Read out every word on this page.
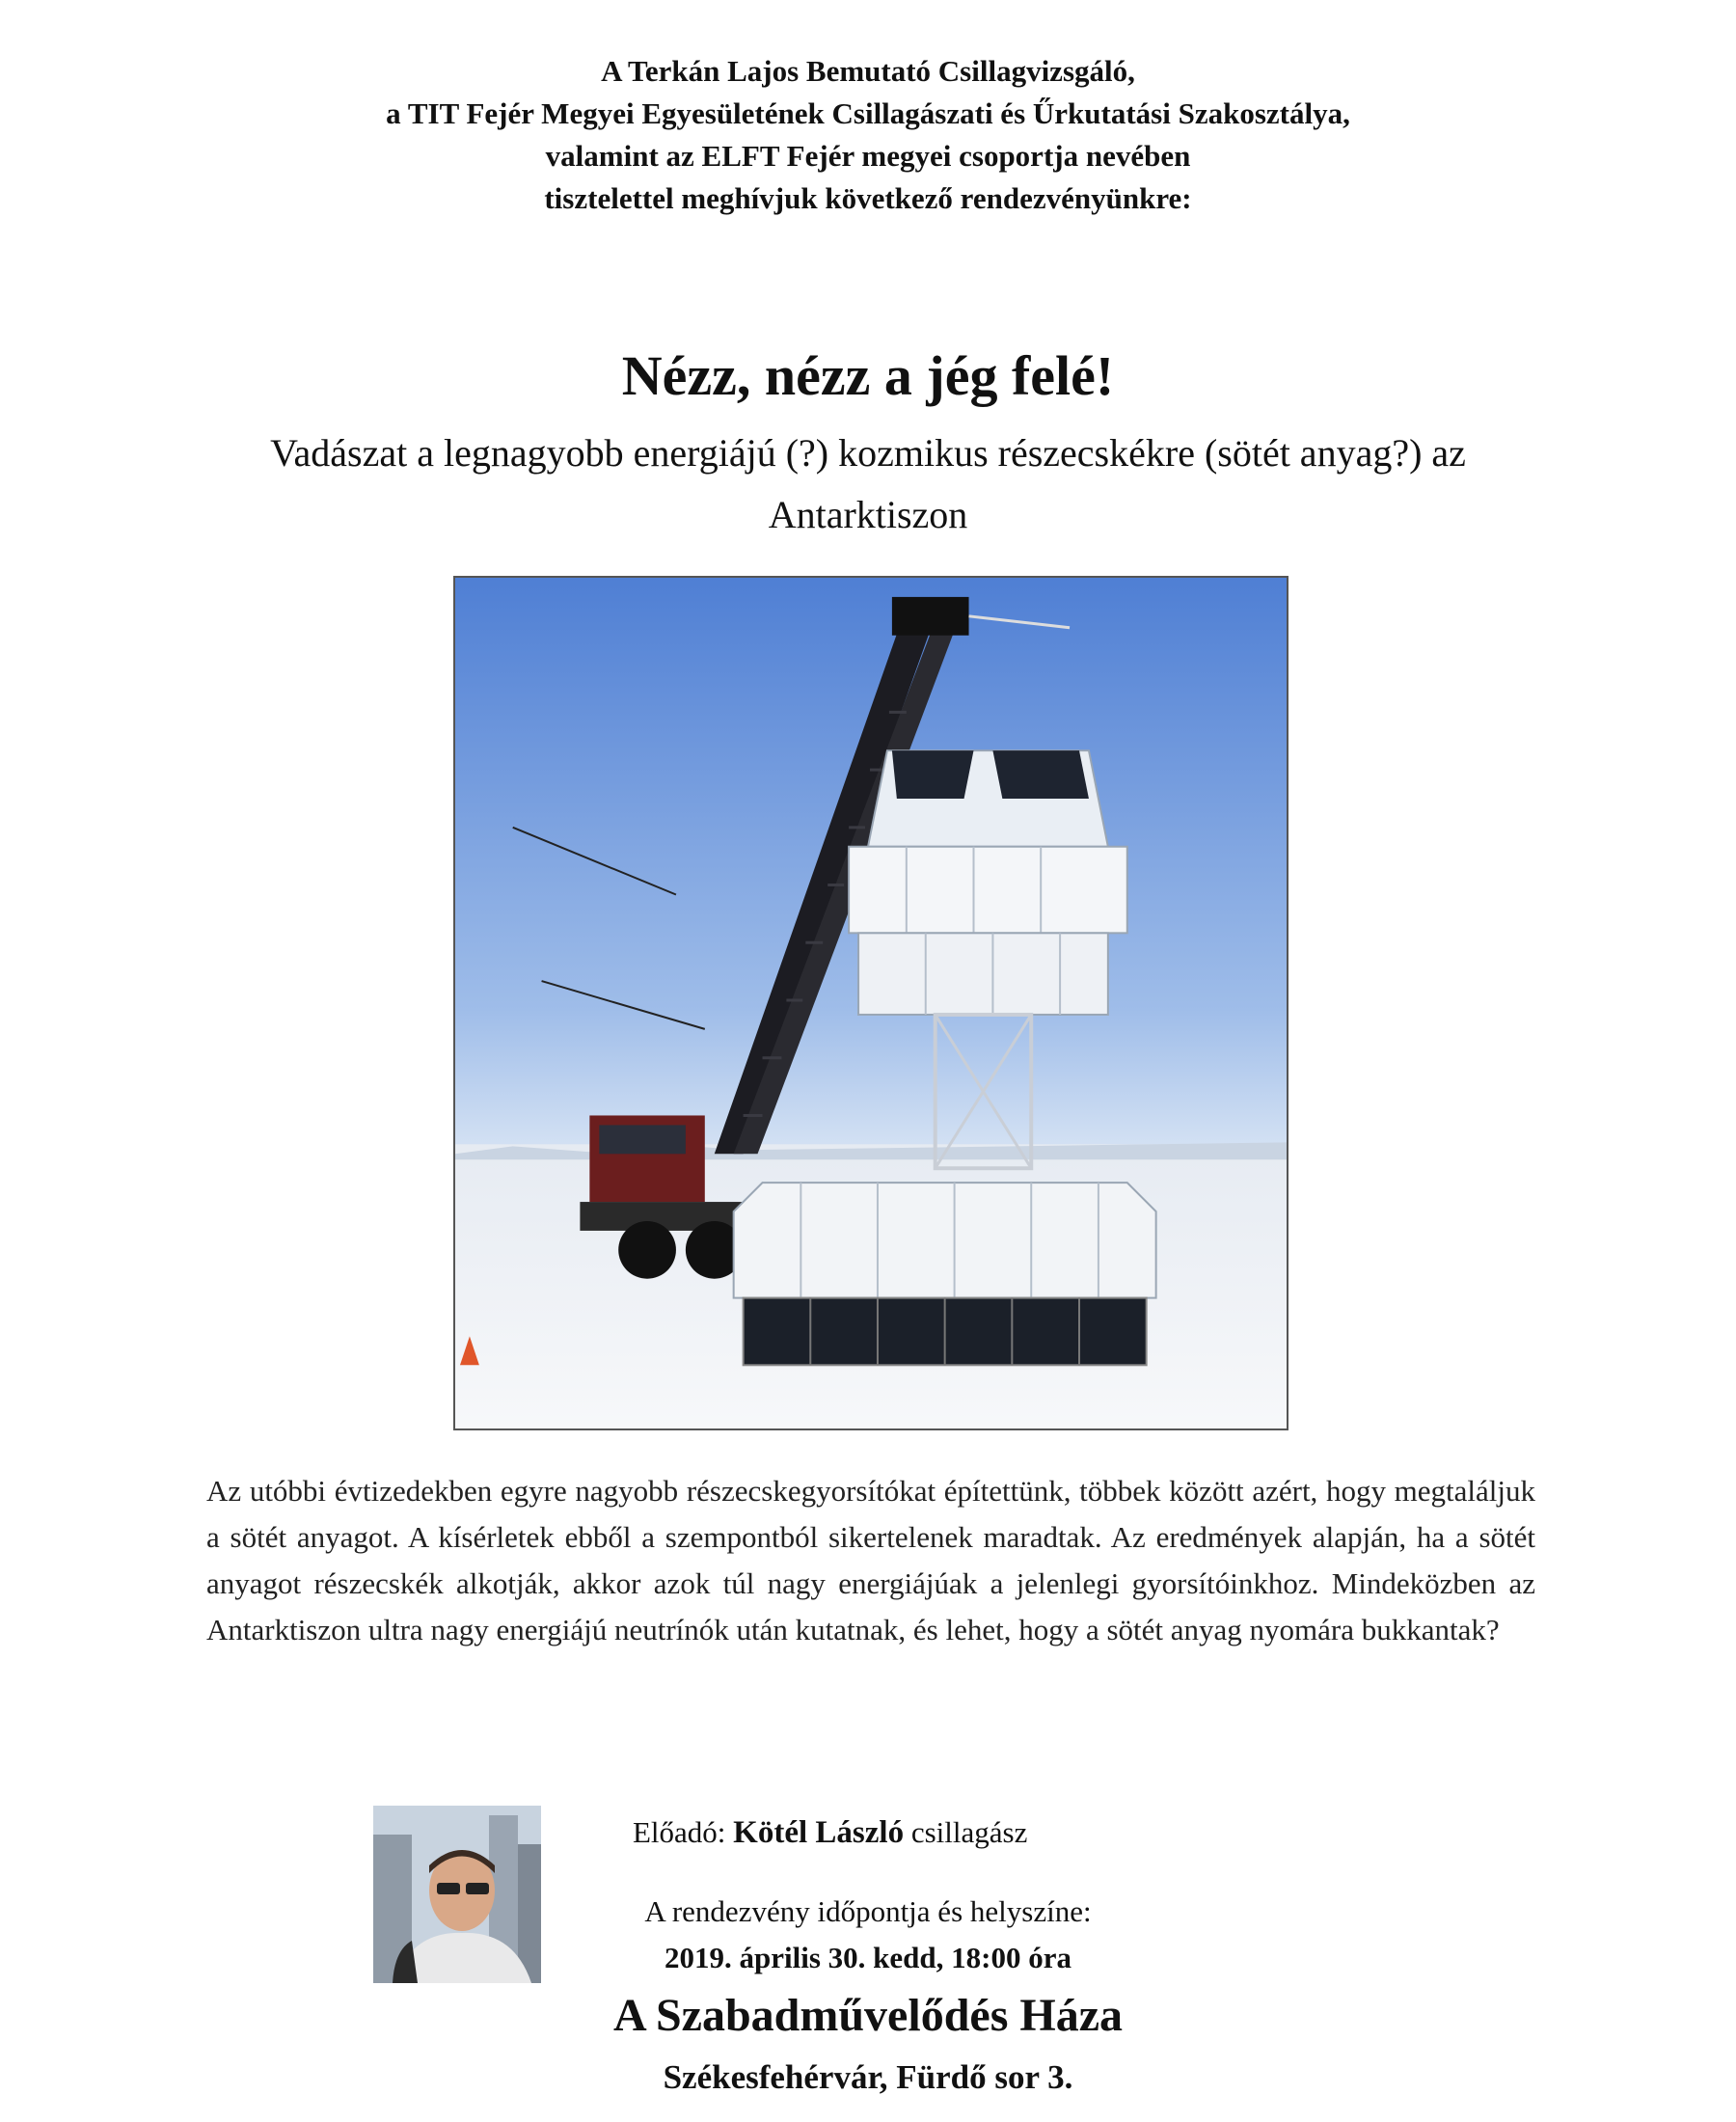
A Terkán Lajos Bemutató Csillagvizsgáló,
a TIT Fejér Megyei Egyesületének Csillagászati és Űrkutatási Szakosztálya,
valamint az ELFT Fejér megyei csoportja nevében
tisztelettel meghívjuk következő rendezvényünkre:
Nézz, nézz a jég felé!
Vadászat a legnagyobb energiájú (?) kozmikus részecskékre (sötét anyag?) az Antarktiszon
Az utóbbi évtizedekben egyre nagyobb részecskegyorsítókat építettünk, többek között azért, hogy megtaláljuk a sötét anyagot. A kísérletek ebből a szempontból sikertelenek maradtak. Az eredmények alapján, ha a sötét anyagot részecskék alkotják, akkor azok túl nagy energiájúak a jelenlegi gyorsítóinkhoz. Mindeközben az Antarktiszon ultra nagy energiájú neutrínók után kutatnak, és lehet, hogy a sötét anyag nyomára bukkantak?
Előadó: Kötél László csillagász
A rendezvény időpontja és helyszíne:
2019. április 30. kedd, 18:00 óra
A Szabadművelődés Háza
Székesfehérvár, Fürdő sor 3.
